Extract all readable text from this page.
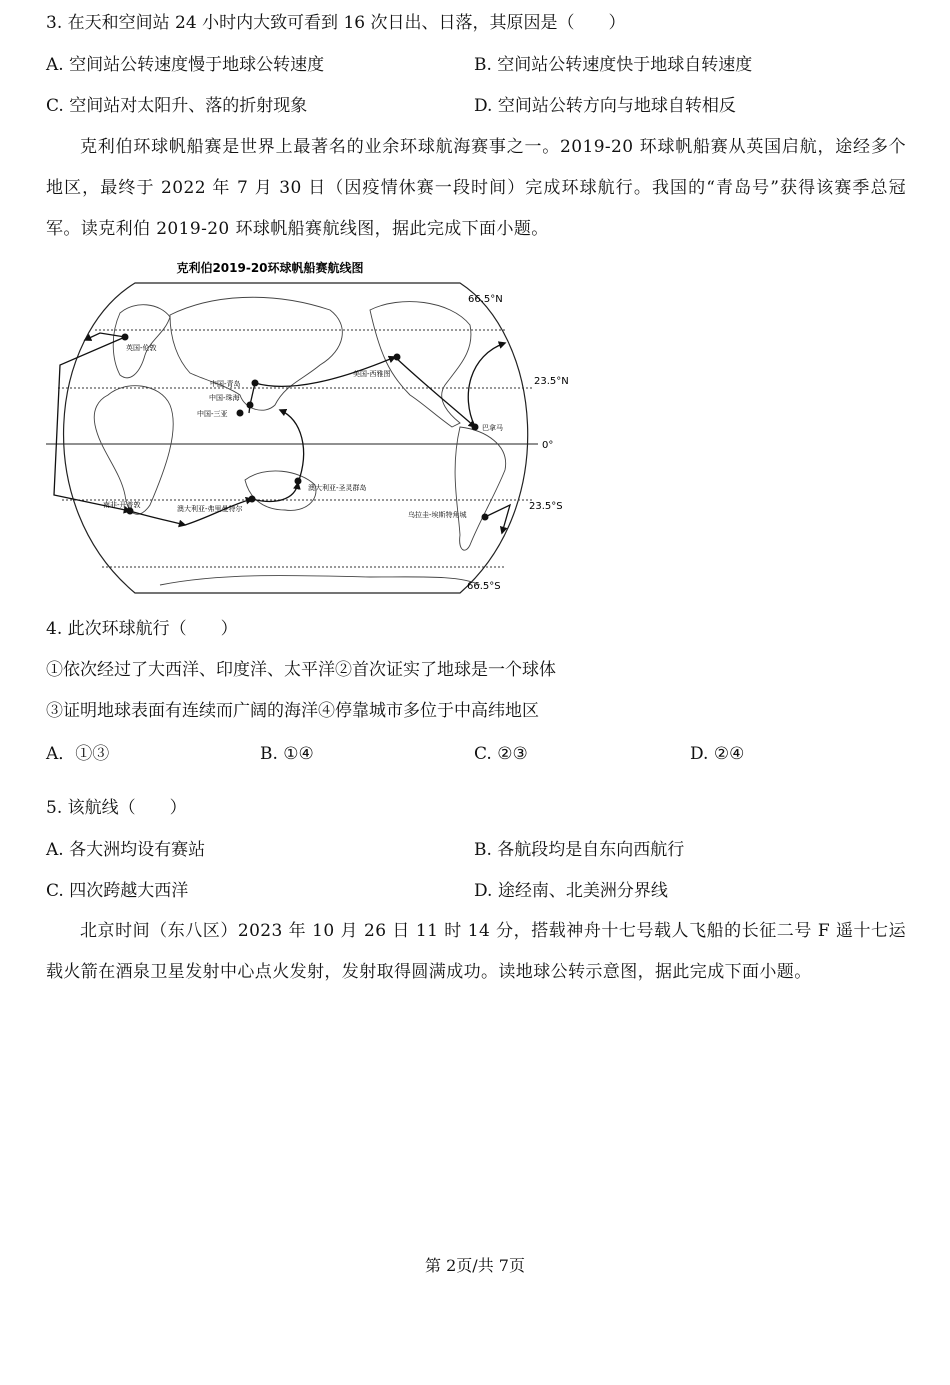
3. 在天和空间站 24 小时内大致可看到 16 次日出、日落，其原因是（　　）
A. 空间站公转速度慢于地球公转速度	B. 空间站公转速度快于地球自转速度
C. 空间站对太阳升、落的折射现象	D. 空间站公转方向与地球自转相反
克利伯环球帆船赛是世界上最著名的业余环球航海赛事之一。2019-20 环球帆船赛从英国启航，途经多个地区，最终于 2022 年 7 月 30 日（因疫情休赛一段时间）完成环球航行。我国的“青岛号”获得该赛季总冠军。读克利伯 2019-20 环球帆船赛航线图，据此完成下面小题。
克利伯2019-20环球帆船赛航线图
66.5°N
23.5°N
0°
23.5°S
66.5°S
英国-伦敦
中国-青岛
中国-珠海
中国-三亚
美国-西雅图
巴拿马
澳大利亚-圣灵群岛
南非-开普敦	澳大利亚-弗里曼特尔
乌拉圭-埃斯特角城
4. 此次环球航行（　　）
①依次经过了大西洋、印度洋、太平洋②首次证实了地球是一个球体
③证明地球表面有连续而广阔的海洋④停靠城市多位于中高纬地区
A．①③	B. ①④	C. ②③	D. ②④
5. 该航线（　　）
A. 各大洲均设有赛站	B. 各航段均是自东向西航行
C. 四次跨越大西洋	D. 途经南、北美洲分界线
北京时间（东八区）2023 年 10 月 26 日 11 时 14 分，搭载神舟十七号载人飞船的长征二号 F 遥十七运载火箭在酒泉卫星发射中心点火发射，发射取得圆满成功。读地球公转示意图，据此完成下面小题。
第 2页/共 7页
